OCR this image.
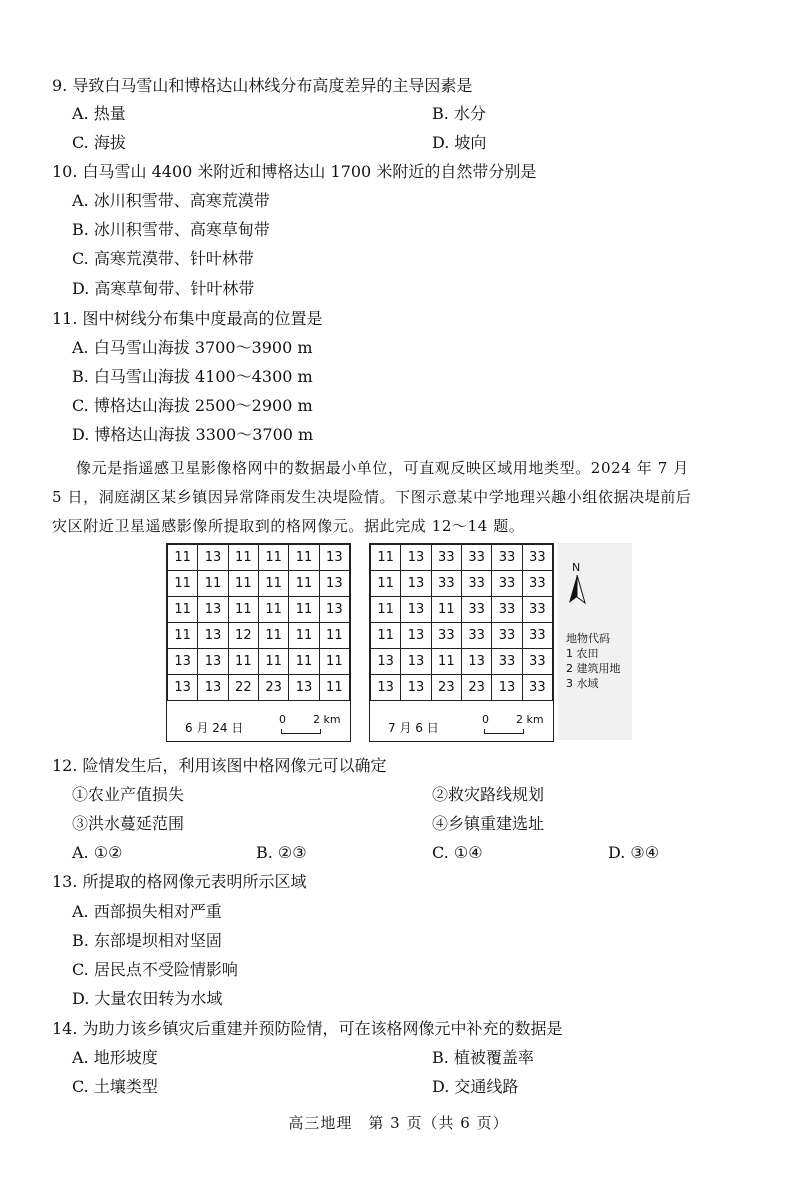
9. 导致白马雪山和博格达山林线分布高度差异的主导因素是
A. 热量	B. 水分
C. 海拔	D. 坡向
10. 白马雪山 4400 米附近和博格达山 1700 米附近的自然带分别是
A. 冰川积雪带、高寒荒漠带
B. 冰川积雪带、高寒草甸带
C. 高寒荒漠带、针叶林带
D. 高寒草甸带、针叶林带
11. 图中树线分布集中度最高的位置是
A. 白马雪山海拔 3700～3900 m
B. 白马雪山海拔 4100～4300 m
C. 博格达山海拔 2500～2900 m
D. 博格达山海拔 3300～3700 m
像元是指遥感卫星影像格网中的数据最小单位，可直观反映区域用地类型。2024 年 7 月
5 日，洞庭湖区某乡镇因异常降雨发生决堤险情。下图示意某中学地理兴趣小组依据决堤前后
灾区附近卫星遥感影像所提取到的格网像元。据此完成 12～14 题。
11	13	11	11	11	13
11	11	11	11	11	13
11	13	11	11	11	13
11	13	12	11	11	11
13	13	11	11	11	11
13	13	22	23	13	11
6 月 24 日
0 2 km
11	13	33	33	33	33
11	13	33	33	33	33
11	13	11	33	33	33
11	13	33	33	33	33
13	13	11	13	33	33
13	13	23	23	13	33
7 月 6 日
0 2 km
N
地物代码
1 农田
2 建筑用地
3 水域
12. 险情发生后，利用该图中格网像元可以确定
①农业产值损失	②救灾路线规划
③洪水蔓延范围	④乡镇重建选址
A. ①②	B. ②③	C. ①④	D. ③④
13. 所提取的格网像元表明所示区域
A. 西部损失相对严重
B. 东部堤坝相对坚固
C. 居民点不受险情影响
D. 大量农田转为水域
14. 为助力该乡镇灾后重建并预防险情，可在该格网像元中补充的数据是
A. 地形坡度	B. 植被覆盖率
C. 土壤类型	D. 交通线路
高三地理　第 3 页（共 6 页）
